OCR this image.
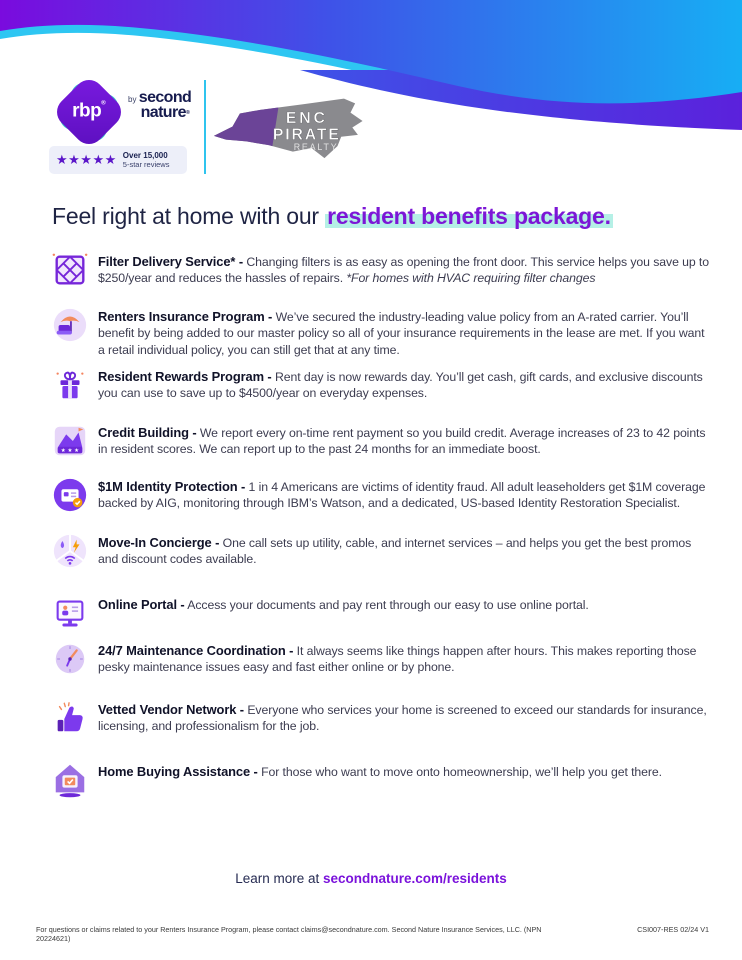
rbp®	by second
nature®
★★★★★ Over 15,000
5-star reviews
ENC
PIRATE
REALTY
Feel right at home with our resident benefits package.
Filter Delivery Service* - Changing filters is as easy as opening the front door. This service helps you save up to $250/year and reduces the hassles of repairs. *For homes with HVAC requiring filter changes
Renters Insurance Program - We’ve secured the industry-leading value policy from an A-rated carrier. You’ll benefit by being added to our master policy so all of your insurance requirements in the lease are met. If you want a retail individual policy, you can still get that at any time.
Resident Rewards Program - Rent day is now rewards day. You’ll get cash, gift cards, and exclusive discounts you can use to save up to $4500/year on everyday expenses.
★ ★ ★
Credit Building - We report every on-time rent payment so you build credit. Average increases of 23 to 42 points in resident scores. We can report up to the past 24 months for an immediate boost.
$1M Identity Protection - 1 in 4 Americans are victims of identity fraud. All adult leaseholders get $1M coverage backed by AIG, monitoring through IBM’s Watson, and a dedicated, US-based Identity Restoration Specialist.
Move-In Concierge - One call sets up utility, cable, and internet services – and helps you get the best promos and discount codes available.
Online Portal - Access your documents and pay rent through our easy to use online portal.
24/7 Maintenance Coordination - It always seems like things happen after hours. This makes reporting those pesky maintenance issues easy and fast either online or by phone.
Vetted Vendor Network - Everyone who services your home is screened to exceed our standards for insurance, licensing, and professionalism for the job.
Home Buying Assistance - For those who want to move onto homeownership, we’ll help you get there.
Learn more at secondnature.com/residents
For questions or claims related to your Renters Insurance Program, please contact claims@secondnature.com. Second Nature Insurance Services, LLC. (NPN 20224621)
CSI007-RES 02/24 V1
